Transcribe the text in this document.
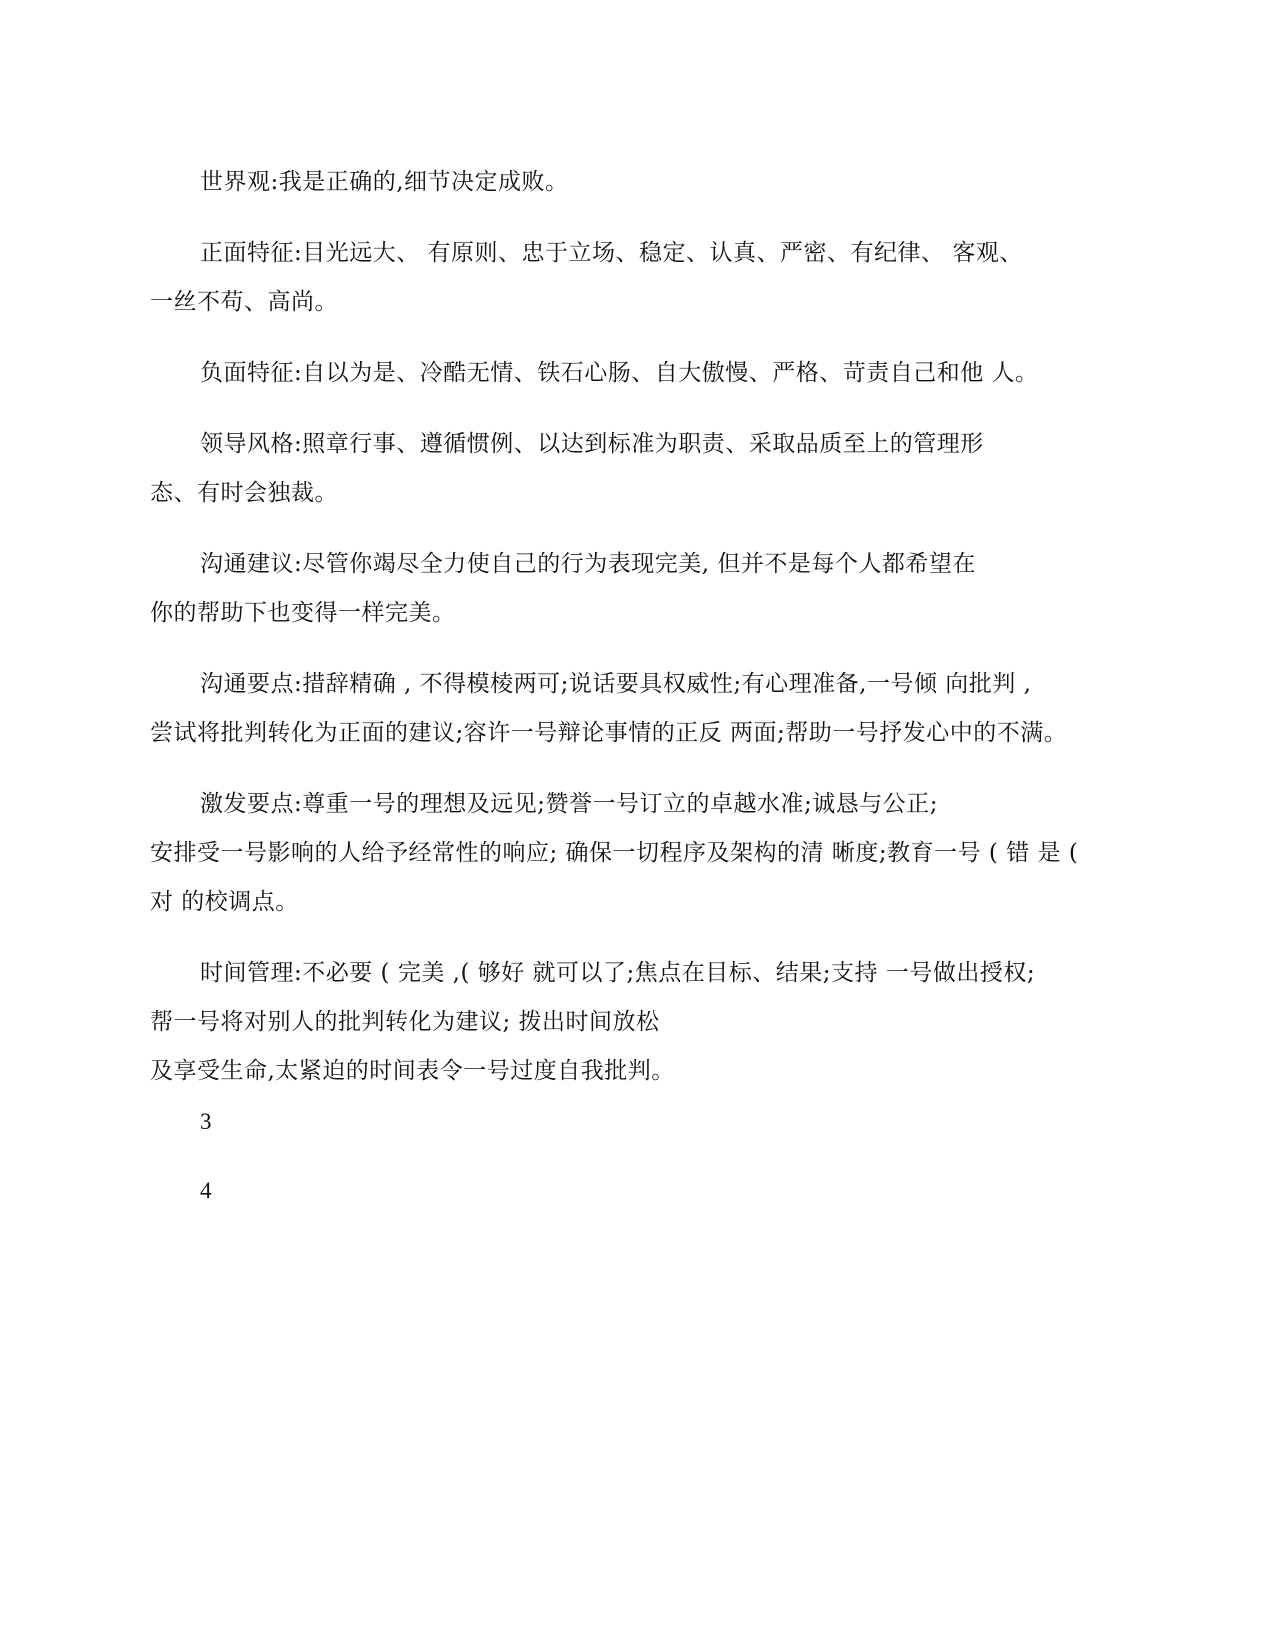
世界观:我是正确的,细节决定成败。

正面特征:目光远大、 有原则、忠于立场、稳定、认真、严密、有纪律、 客观、
一丝不苟、高尚。

负面特征:自以为是、冷酷无情、铁石心肠、自大傲慢、严格、苛责自己和他 人。

领导风格:照章行事、遵循惯例、以达到标准为职责、采取品质至上的管理形
态、有时会独裁。

沟通建议:尽管你竭尽全力使自己的行为表现完美, 但并不是每个人都希望在
你的帮助下也变得一样完美。

沟通要点:措辞精确 , 不得模棱两可;说话要具权威性;有心理准备,一号倾 向批判 ,
尝试将批判转化为正面的建议;容许一号辩论事情的正反 两面;帮助一号抒发心中的不满。

激发要点:尊重一号的理想及远见;赞誉一号订立的卓越水准;诚恳与公正;
安排受一号影响的人给予经常性的响应; 确保一切程序及架构的清 晰度;教育一号 ( 错 是 (
对 的校调点。

时间管理:不必要 ( 完美 ,( 够好 就可以了;焦点在目标、结果;支持 一号做出授权;
帮一号将对别人的批判转化为建议; 拨出时间放松
及享受生命,太紧迫的时间表令一号过度自我批判。

3
4
